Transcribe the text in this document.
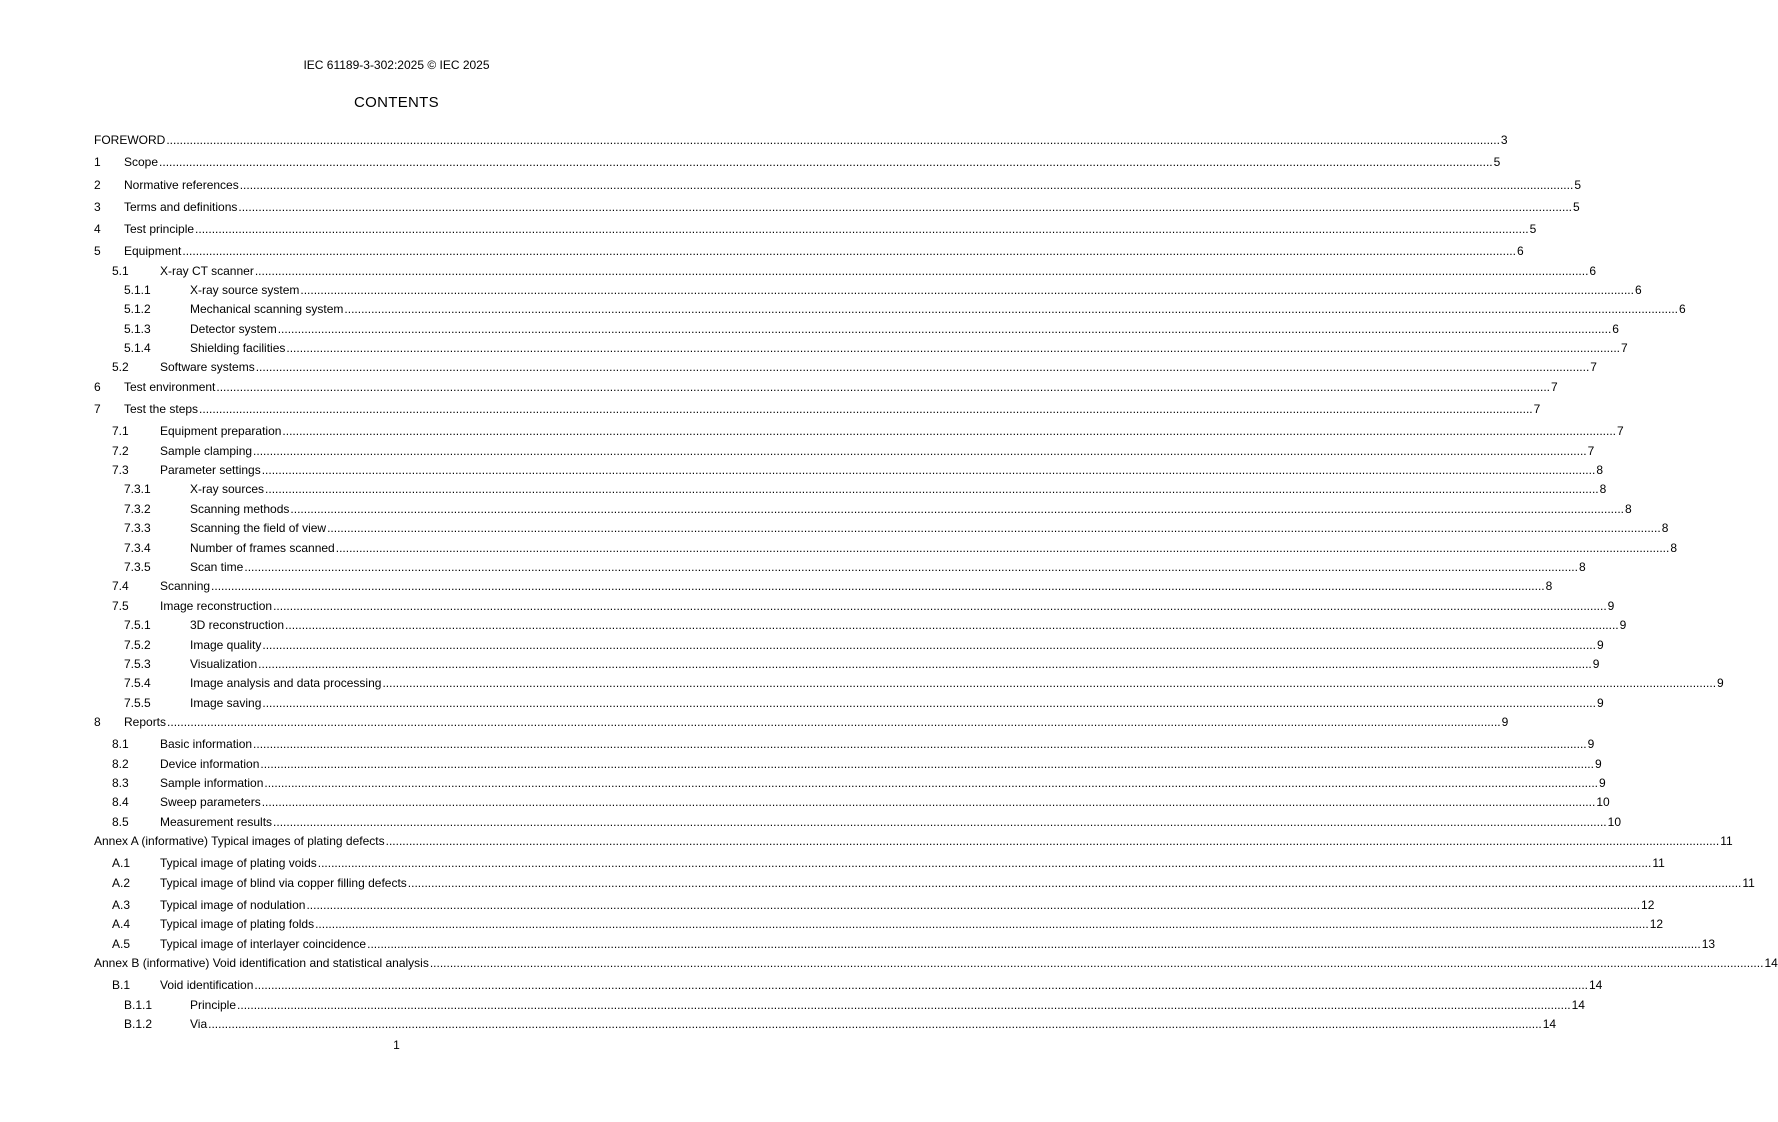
IEC 61189-3-302:2025 © IEC 2025
CONTENTS
FOREWORD ................................................................................................................................................................................................................................................................................................................................................................................................................ 3
1	Scope ................................................................................................................................................................................................................................................................................................................................................................................................................ 5
2	Normative references ................................................................................................................................................................................................................................................................................................................................................................................................................ 5
3	Terms and definitions ................................................................................................................................................................................................................................................................................................................................................................................................................ 5
4	Test principle ................................................................................................................................................................................................................................................................................................................................................................................................................ 5
5	Equipment ................................................................................................................................................................................................................................................................................................................................................................................................................ 6
5.1	X-ray CT scanner ................................................................................................................................................................................................................................................................................................................................................................................................................ 6
5.1.1	X-ray source system ................................................................................................................................................................................................................................................................................................................................................................................................................ 6
5.1.2	Mechanical scanning system ................................................................................................................................................................................................................................................................................................................................................................................................................ 6
5.1.3	Detector system ................................................................................................................................................................................................................................................................................................................................................................................................................ 6
5.1.4	Shielding facilities ................................................................................................................................................................................................................................................................................................................................................................................................................ 7
5.2	Software systems ................................................................................................................................................................................................................................................................................................................................................................................................................ 7
6	Test environment ................................................................................................................................................................................................................................................................................................................................................................................................................ 7
7	Test the steps ................................................................................................................................................................................................................................................................................................................................................................................................................ 7
7.1	Equipment preparation ................................................................................................................................................................................................................................................................................................................................................................................................................ 7
7.2	Sample clamping ................................................................................................................................................................................................................................................................................................................................................................................................................ 7
7.3	Parameter settings ................................................................................................................................................................................................................................................................................................................................................................................................................ 8
7.3.1	X-ray sources ................................................................................................................................................................................................................................................................................................................................................................................................................ 8
7.3.2	Scanning methods ................................................................................................................................................................................................................................................................................................................................................................................................................ 8
7.3.3	Scanning the field of view ................................................................................................................................................................................................................................................................................................................................................................................................................ 8
7.3.4	Number of frames scanned ................................................................................................................................................................................................................................................................................................................................................................................................................ 8
7.3.5	Scan time ................................................................................................................................................................................................................................................................................................................................................................................................................ 8
7.4	Scanning ................................................................................................................................................................................................................................................................................................................................................................................................................ 8
7.5	Image reconstruction ................................................................................................................................................................................................................................................................................................................................................................................................................ 9
7.5.1	3D reconstruction ................................................................................................................................................................................................................................................................................................................................................................................................................ 9
7.5.2	Image quality ................................................................................................................................................................................................................................................................................................................................................................................................................ 9
7.5.3	Visualization ................................................................................................................................................................................................................................................................................................................................................................................................................ 9
7.5.4	Image analysis and data processing ................................................................................................................................................................................................................................................................................................................................................................................................................ 9
7.5.5	Image saving ................................................................................................................................................................................................................................................................................................................................................................................................................ 9
8	Reports ................................................................................................................................................................................................................................................................................................................................................................................................................ 9
8.1	Basic information ................................................................................................................................................................................................................................................................................................................................................................................................................ 9
8.2	Device information ................................................................................................................................................................................................................................................................................................................................................................................................................ 9
8.3	Sample information ................................................................................................................................................................................................................................................................................................................................................................................................................ 9
8.4	Sweep parameters ................................................................................................................................................................................................................................................................................................................................................................................................................ 10
8.5	Measurement results ................................................................................................................................................................................................................................................................................................................................................................................................................ 10
Annex A (informative) Typical images of plating defects ................................................................................................................................................................................................................................................................................................................................................................................................................ 11
A.1	Typical image of plating voids ................................................................................................................................................................................................................................................................................................................................................................................................................ 11
A.2	Typical image of blind via copper filling defects ................................................................................................................................................................................................................................................................................................................................................................................................................ 11
A.3	Typical image of nodulation ................................................................................................................................................................................................................................................................................................................................................................................................................ 12
A.4	Typical image of plating folds ................................................................................................................................................................................................................................................................................................................................................................................................................ 12
A.5	Typical image of interlayer coincidence ................................................................................................................................................................................................................................................................................................................................................................................................................ 13
Annex B (informative) Void identification and statistical analysis ................................................................................................................................................................................................................................................................................................................................................................................................................ 14
B.1	Void identification ................................................................................................................................................................................................................................................................................................................................................................................................................ 14
B.1.1	Principle ................................................................................................................................................................................................................................................................................................................................................................................................................ 14
B.1.2	Via ................................................................................................................................................................................................................................................................................................................................................................................................................ 14
1
